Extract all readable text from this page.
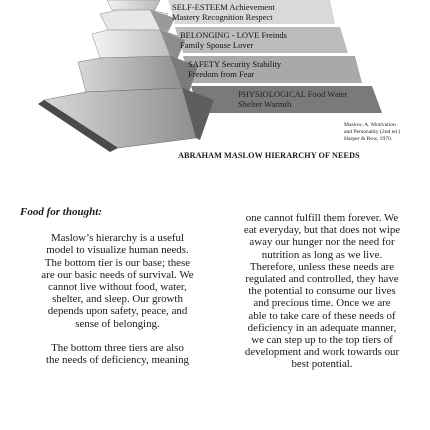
SELF-ESTEEM Achievement
Mastery Recognition Respect
BELONGING - LOVE Freinds
Family Spouse Lover
SAFETY Security Stability
Freedom from Fear
PHYSIOLOGICAL Food Water
Shelter Warmth
Maslow, A. Motivation
and Personality (2nd ed.)
Harper & Row, 1970.
ABRAHAM MASLOW HIERARCHY OF NEEDS

Food for thought:

Maslow’s hierarchy is a useful
model to visualize human needs.
The bottom tier is our base; these
are our basic needs of survival. We
cannot live without food, water,
shelter, and sleep. Our growth
depends upon safety, peace, and
sense of belonging.
The bottom three tiers are also
the needs of deficiency, meaning
one cannot fulfill them forever. We
eat everyday, but that does not wipe
away our hunger nor the need for
nutrition as long as we live.
Therefore, unless these needs are
regulated and controlled, they have
the potential to consume our lives
and precious time. Once we are
able to take care of these needs of
deficiency in an adequate manner,
we can step up to the top tiers of
development and work towards our
best potential.
